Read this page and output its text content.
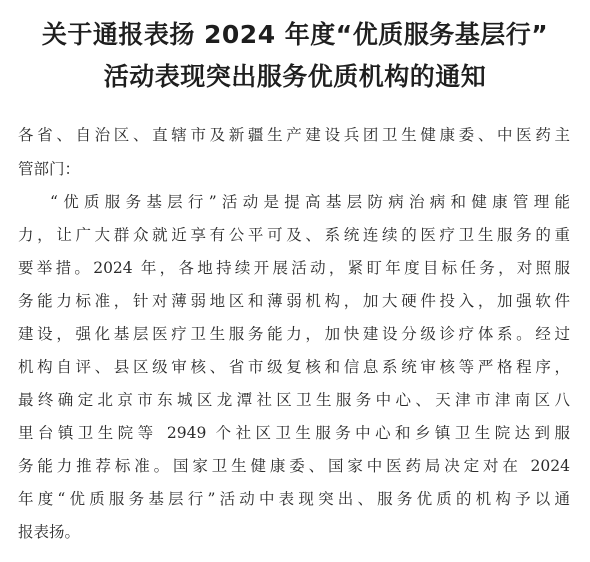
关于通报表扬 2024 年度“优质服务基层行”
活动表现突出服务优质机构的通知
各省、自治区、直辖市及新疆生产建设兵团卫生健康委、中医药主
管部门：
“优质服务基层行”活动是提高基层防病治病和健康管理能
力，让广大群众就近享有公平可及、系统连续的医疗卫生服务的重
要举措。2024 年，各地持续开展活动，紧盯年度目标任务，对照服
务能力标准，针对薄弱地区和薄弱机构，加大硬件投入，加强软件
建设，强化基层医疗卫生服务能力，加快建设分级诊疗体系。经过
机构自评、县区级审核、省市级复核和信息系统审核等严格程序，
最终确定北京市东城区龙潭社区卫生服务中心、天津市津南区八
里台镇卫生院等 2949 个社区卫生服务中心和乡镇卫生院达到服
务能力推荐标准。国家卫生健康委、国家中医药局决定对在 2024
年度“优质服务基层行”活动中表现突出、服务优质的机构予以通
报表扬。
